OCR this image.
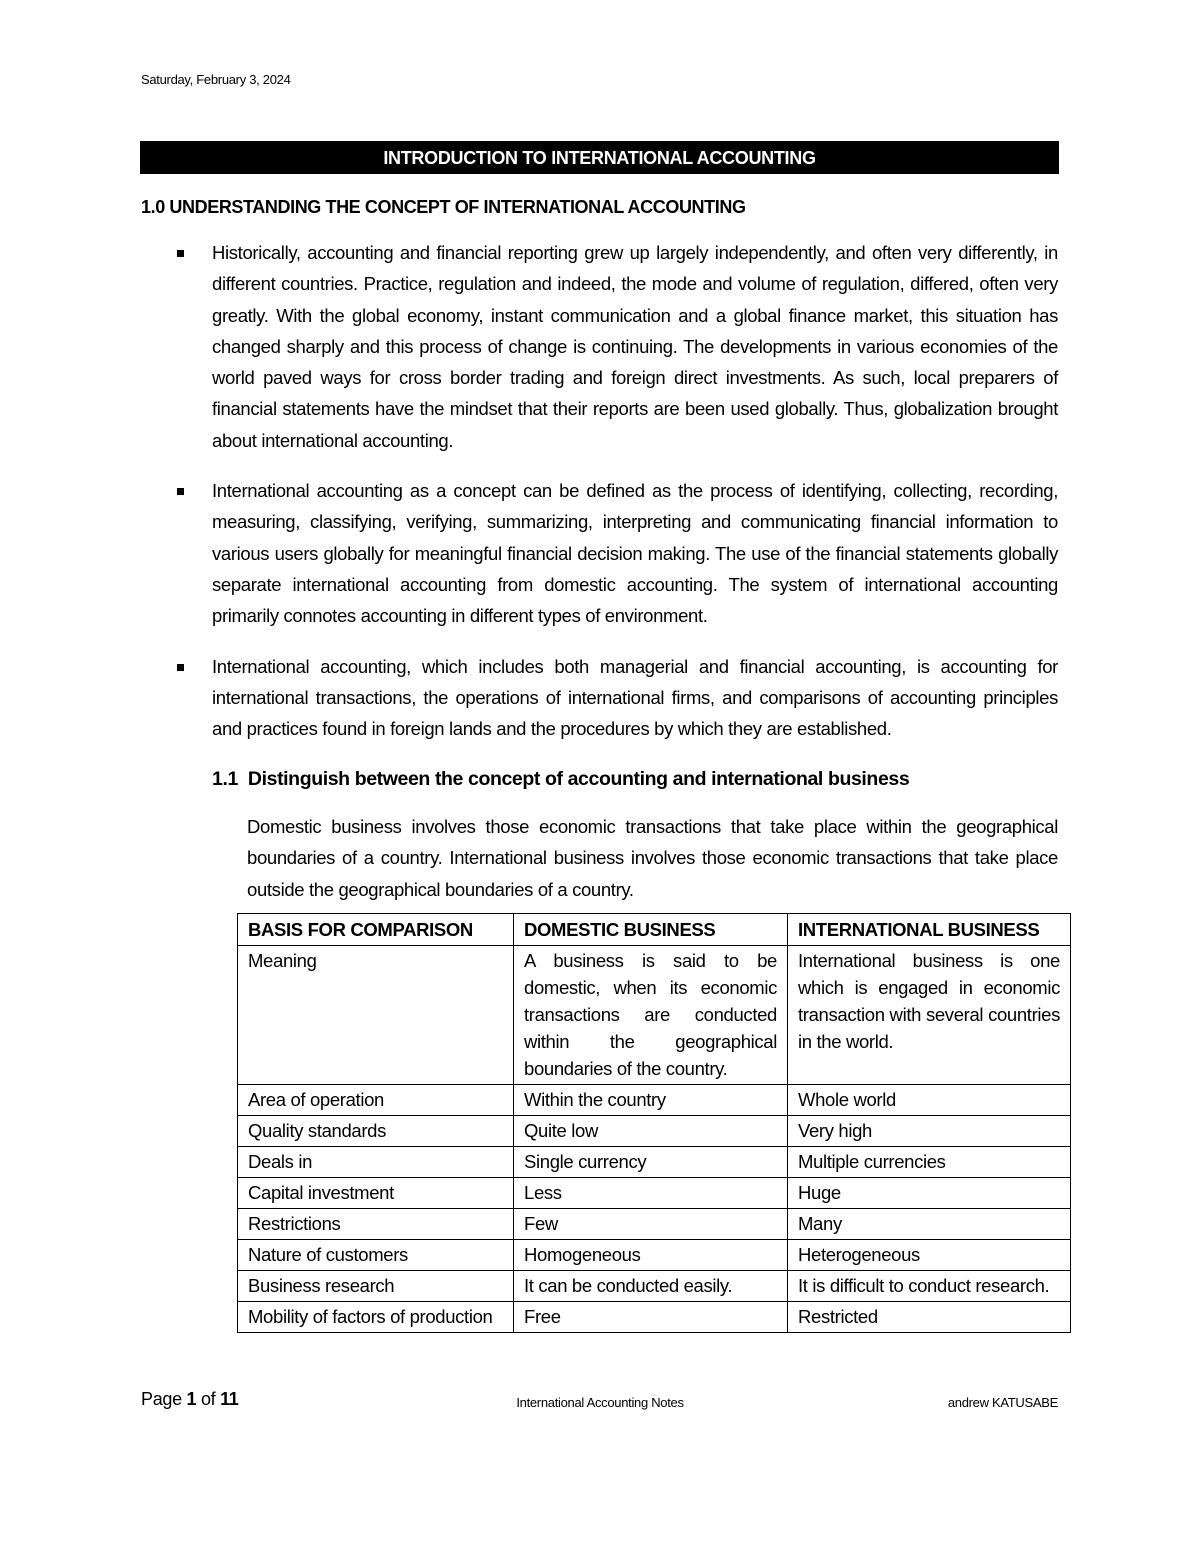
Saturday, February 3, 2024
INTRODUCTION TO INTERNATIONAL ACCOUNTING
1.0 UNDERSTANDING THE CONCEPT OF INTERNATIONAL ACCOUNTING
Historically, accounting and financial reporting grew up largely independently, and often very differently, in different countries. Practice, regulation and indeed, the mode and volume of regulation, differed, often very greatly. With the global economy, instant communication and a global finance market, this situation has changed sharply and this process of change is continuing. The developments in various economies of the world paved ways for cross border trading and foreign direct investments. As such, local preparers of financial statements have the mindset that their reports are been used globally. Thus, globalization brought about international accounting.
International accounting as a concept can be defined as the process of identifying, collecting, recording, measuring, classifying, verifying, summarizing, interpreting and communicating financial information to various users globally for meaningful financial decision making. The use of the financial statements globally separate international accounting from domestic accounting. The system of international accounting primarily connotes accounting in different types of environment.
International accounting, which includes both managerial and financial accounting, is accounting for international transactions, the operations of international firms, and comparisons of accounting principles and practices found in foreign lands and the procedures by which they are established.
1.1 Distinguish between the concept of accounting and international business
Domestic business involves those economic transactions that take place within the geographical boundaries of a country. International business involves those economic transactions that take place outside the geographical boundaries of a country.
BASIS FOR COMPARISON	DOMESTIC BUSINESS	INTERNATIONAL BUSINESS
Meaning	A business is said to be domestic, when its economic transactions are conducted within the geographical boundaries of the country.	International business is one which is engaged in economic transaction with several countries in the world.
Area of operation	Within the country	Whole world
Quality standards	Quite low	Very high
Deals in	Single currency	Multiple currencies
Capital investment	Less	Huge
Restrictions	Few	Many
Nature of customers	Homogeneous	Heterogeneous
Business research	It can be conducted easily.	It is difficult to conduct research.
Mobility of factors of production	Free	Restricted
Page 1 of 11	International Accounting Notes	andrew KATUSABE
